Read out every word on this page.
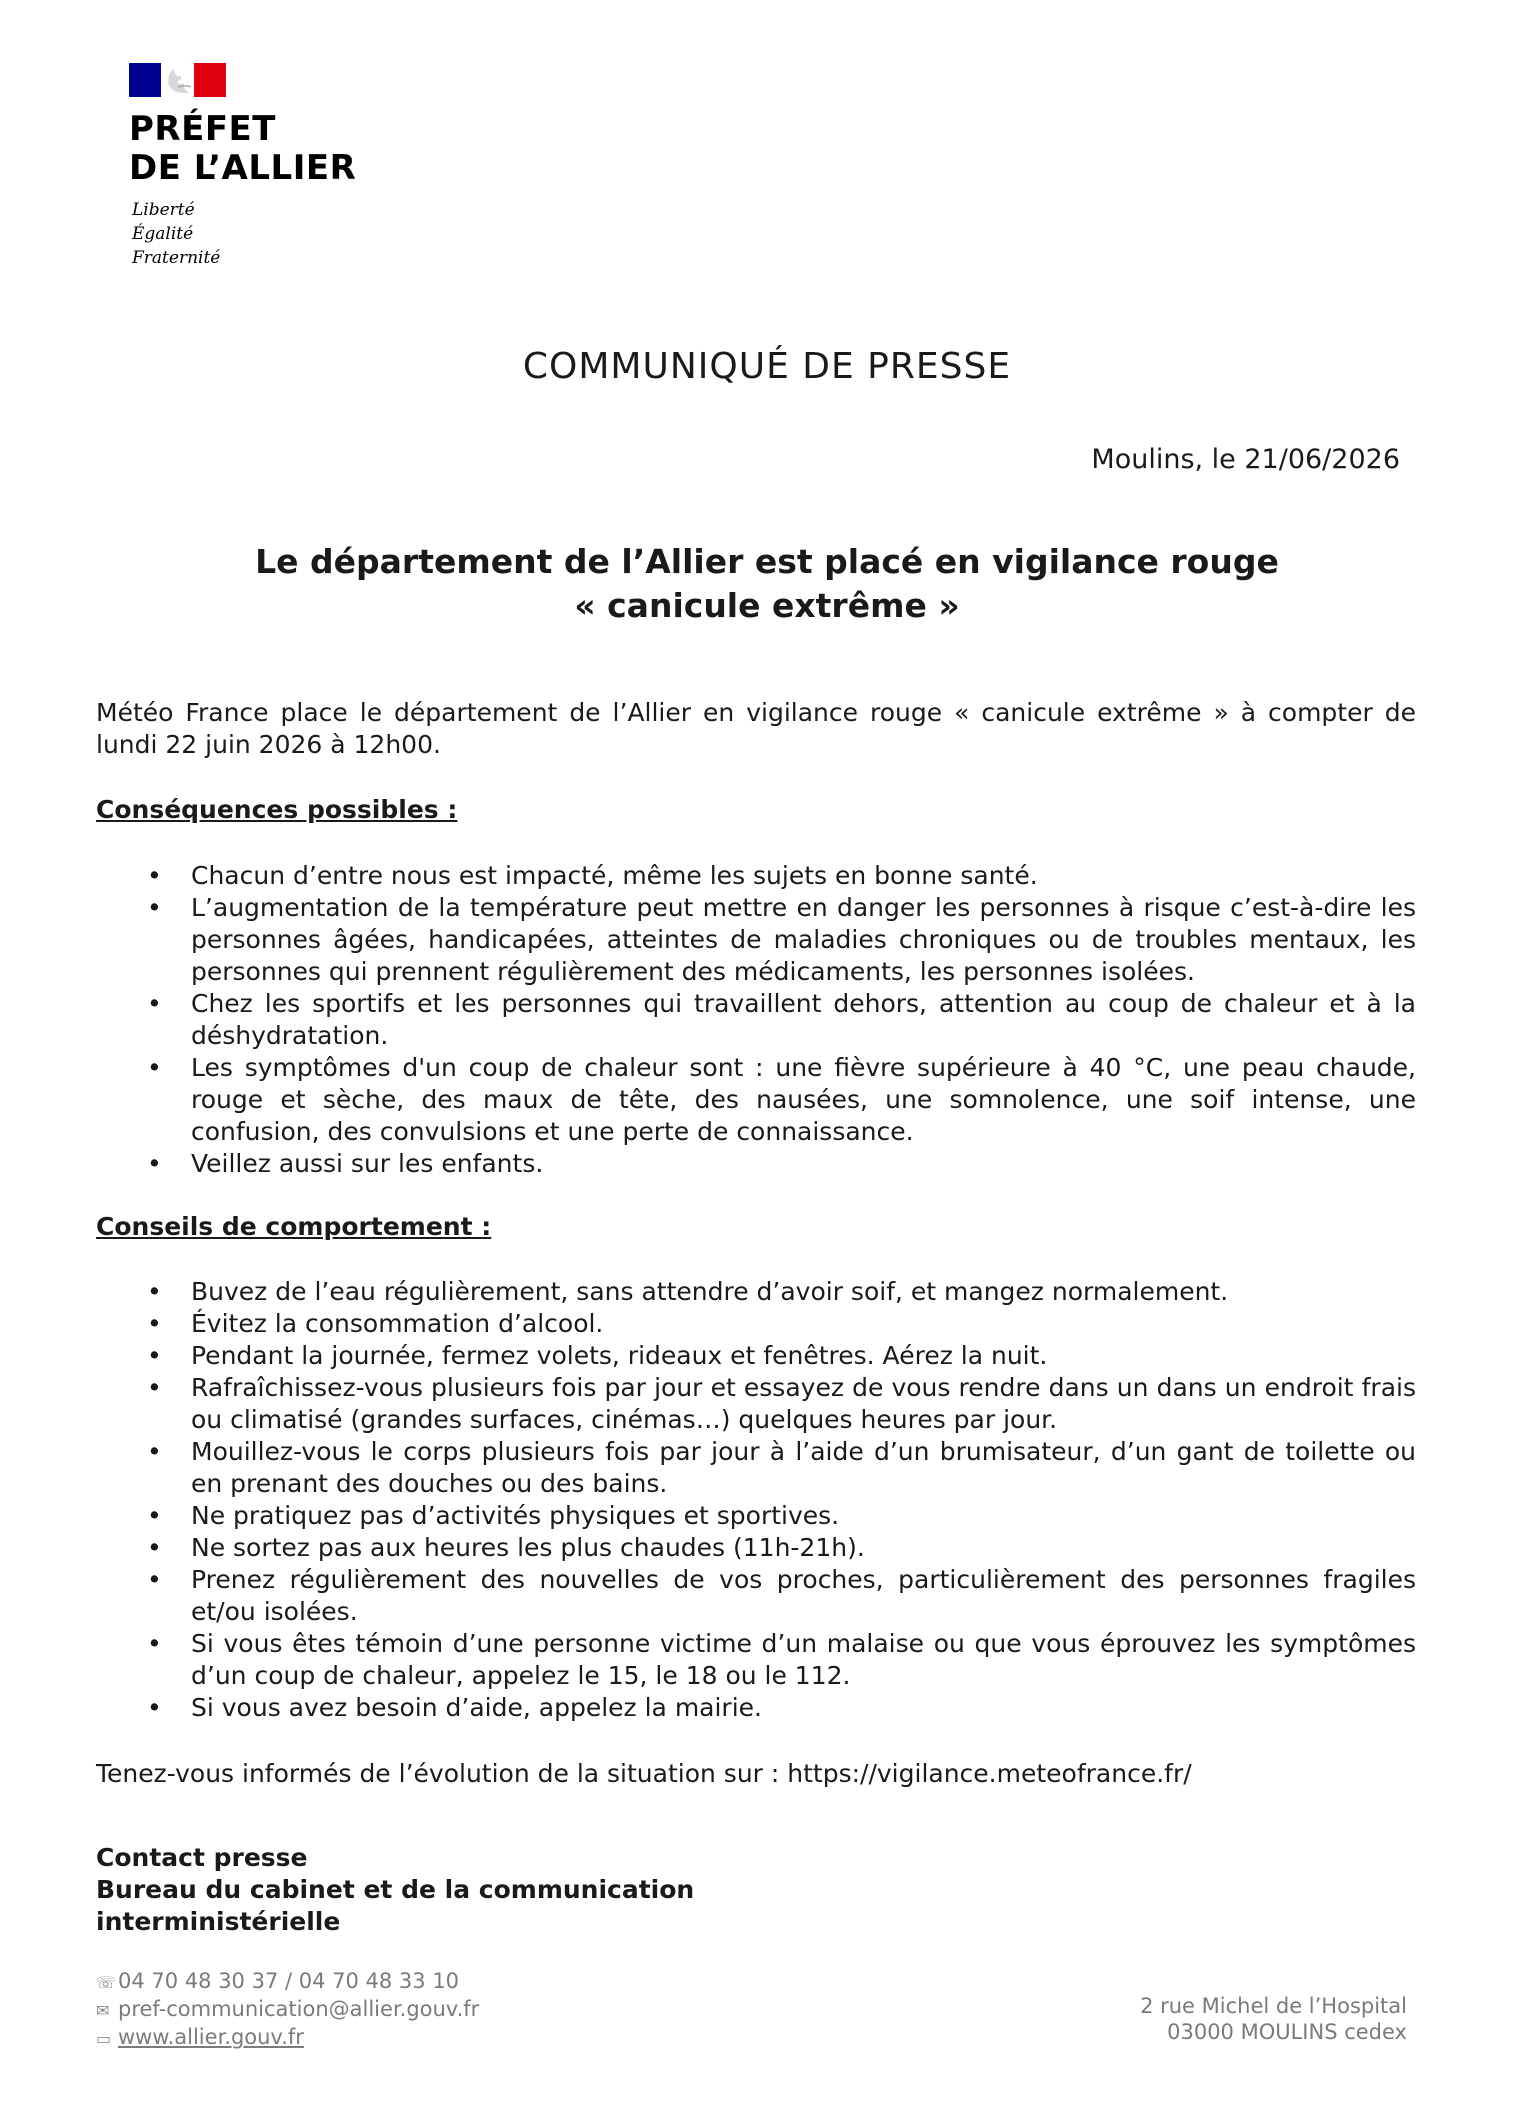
PRÉFET
DE L’ALLIER
Liberté
Égalité
Fraternité
COMMUNIQUÉ DE PRESSE
Moulins, le 21/06/2026
Le département de l’Allier est placé en vigilance rouge
« canicule extrême »
Météo France place le département de l’Allier en vigilance rouge « canicule extrême » à compter de lundi 22 juin 2026 à 12h00.
Conséquences possibles :
• Chacun d’entre nous est impacté, même les sujets en bonne santé.
• L’augmentation de la température peut mettre en danger les personnes à risque c’est-à-dire les personnes âgées, handicapées, atteintes de maladies chroniques ou de troubles mentaux, les personnes qui prennent régulièrement des médicaments, les personnes isolées.
• Chez les sportifs et les personnes qui travaillent dehors, attention au coup de chaleur et à la déshydratation.
• Les symptômes d'un coup de chaleur sont : une fièvre supérieure à 40 °C, une peau chaude, rouge et sèche, des maux de tête, des nausées, une somnolence, une soif intense, une confusion, des convulsions et une perte de connaissance.
• Veillez aussi sur les enfants.
Conseils de comportement :
• Buvez de l’eau régulièrement, sans attendre d’avoir soif, et mangez normalement.
• Évitez la consommation d’alcool.
• Pendant la journée, fermez volets, rideaux et fenêtres. Aérez la nuit.
• Rafraîchissez-vous plusieurs fois par jour et essayez de vous rendre dans un dans un endroit frais ou climatisé (grandes surfaces, cinémas…) quelques heures par jour.
• Mouillez-vous le corps plusieurs fois par jour à l’aide d’un brumisateur, d’un gant de toilette ou en prenant des douches ou des bains.
• Ne pratiquez pas d’activités physiques et sportives.
• Ne sortez pas aux heures les plus chaudes (11h-21h).
• Prenez régulièrement des nouvelles de vos proches, particulièrement des personnes fragiles et/ou isolées.
• Si vous êtes témoin d’une personne victime d’un malaise ou que vous éprouvez les symptômes d’un coup de chaleur, appelez le 15, le 18 ou le 112.
• Si vous avez besoin d’aide, appelez la mairie.
Tenez-vous informés de l’évolution de la situation sur : https://vigilance.meteofrance.fr/
Contact presse
Bureau du cabinet et de la communication
interministérielle
☏04 70 48 30 37 / 04 70 48 33 10
✉ pref-communication@allier.gouv.fr
▭ www.allier.gouv.fr
2 rue Michel de l’Hospital
03000 MOULINS cedex
